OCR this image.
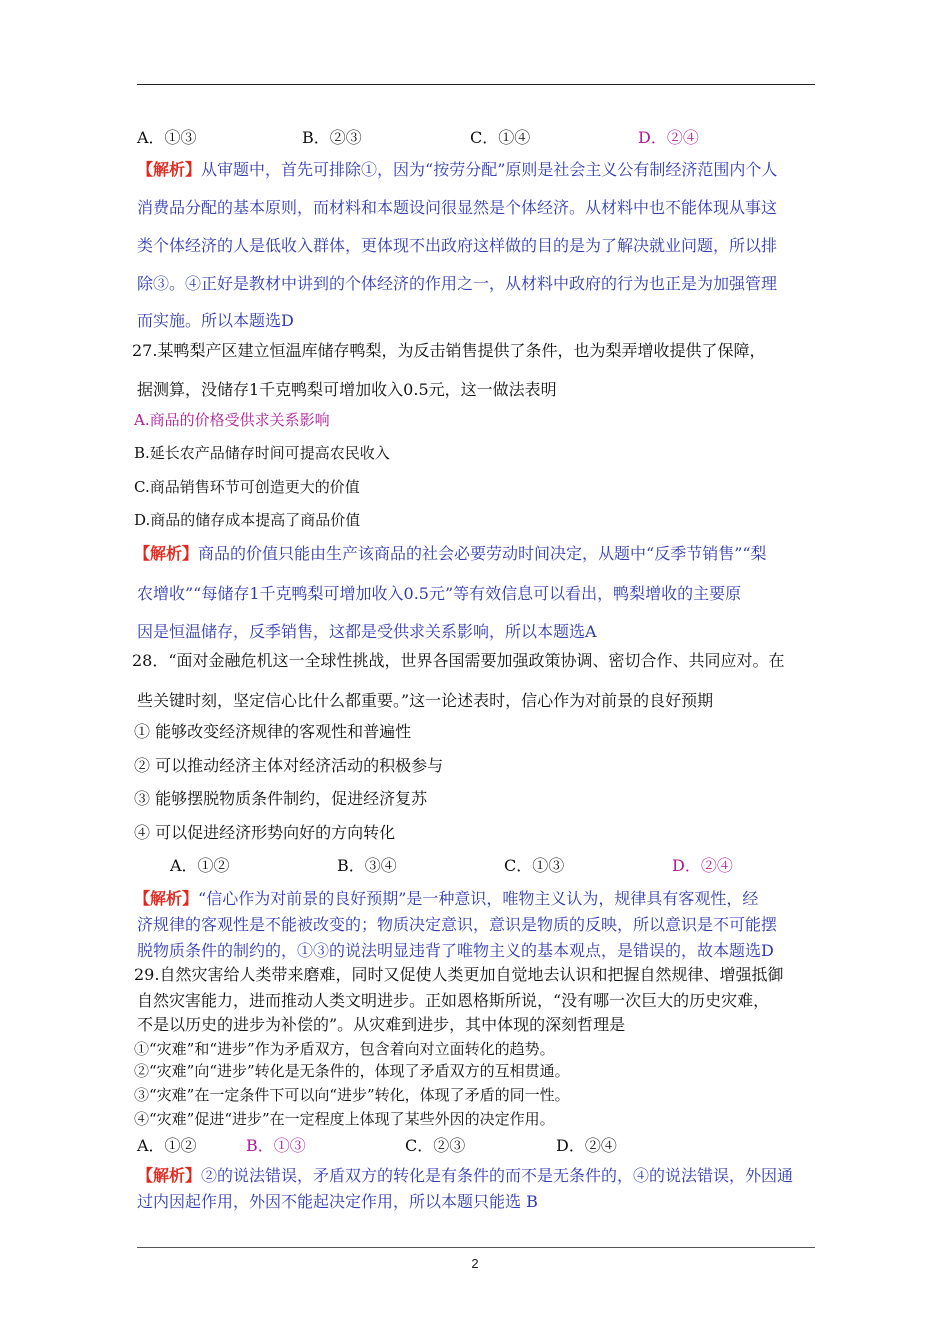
A．①③	B．②③	C．①④	D．②④
【解析】从审题中，首先可排除①，因为“按劳分配”原则是社会主义公有制经济范围内个人
消费品分配的基本原则，而材料和本题设问很显然是个体经济。从材料中也不能体现从事这
类个体经济的人是低收入群体，更体现不出政府这样做的目的是为了解决就业问题，所以排
除③。④正好是教材中讲到的个体经济的作用之一，从材料中政府的行为也正是为加强管理
而实施。所以本题选D
27.某鸭梨产区建立恒温库储存鸭梨，为反击销售提供了条件，也为梨弄增收提供了保障，
据测算，没储存1千克鸭梨可增加收入0.5元，这一做法表明
A.商品的价格受供求关系影响
B.延长农产品储存时间可提高农民收入
C.商品销售环节可创造更大的价值
D.商品的储存成本提高了商品价值
【解析】商品的价值只能由生产该商品的社会必要劳动时间决定，从题中“反季节销售”“梨
农增收”“每储存1千克鸭梨可增加收入0.5元”等有效信息可以看出，鸭梨增收的主要原
因是恒温储存，反季销售，这都是受供求关系影响，所以本题选A
28．“面对金融危机这一全球性挑战，世界各国需要加强政策协调、密切合作、共同应对。在
些关键时刻，坚定信心比什么都重要。”这一论述表时，信心作为对前景的良好预期
① 能够改变经济规律的客观性和普遍性
② 可以推动经济主体对经济活动的积极参与
③ 能够摆脱物质条件制约，促进经济复苏
④ 可以促进经济形势向好的方向转化
A．①②	B．③④	C．①③	D．②④
【解析】“信心作为对前景的良好预期”是一种意识，唯物主义认为，规律具有客观性，经
济规律的客观性是不能被改变的；物质决定意识，意识是物质的反映，所以意识是不可能摆
脱物质条件的制约的，①③的说法明显违背了唯物主义的基本观点，是错误的，故本题选D
29.自然灾害给人类带来磨难，同时又促使人类更加自觉地去认识和把握自然规律、增强抵御
自然灾害能力，进而推动人类文明进步。正如恩格斯所说，“没有哪一次巨大的历史灾难，
不是以历史的进步为补偿的”。从灾难到进步，其中体现的深刻哲理是
①“灾难”和“进步”作为矛盾双方，包含着向对立面转化的趋势。
②“灾难”向“进步”转化是无条件的，体现了矛盾双方的互相贯通。
③“灾难”在一定条件下可以向“进步”转化，体现了矛盾的同一性。
④“灾难”促进“进步”在一定程度上体现了某些外因的决定作用。
A．①②	B．①③	C．②③	D．②④
【解析】②的说法错误，矛盾双方的转化是有条件的而不是无条件的，④的说法错误，外因通
过内因起作用，外因不能起决定作用，所以本题只能选 B
2
